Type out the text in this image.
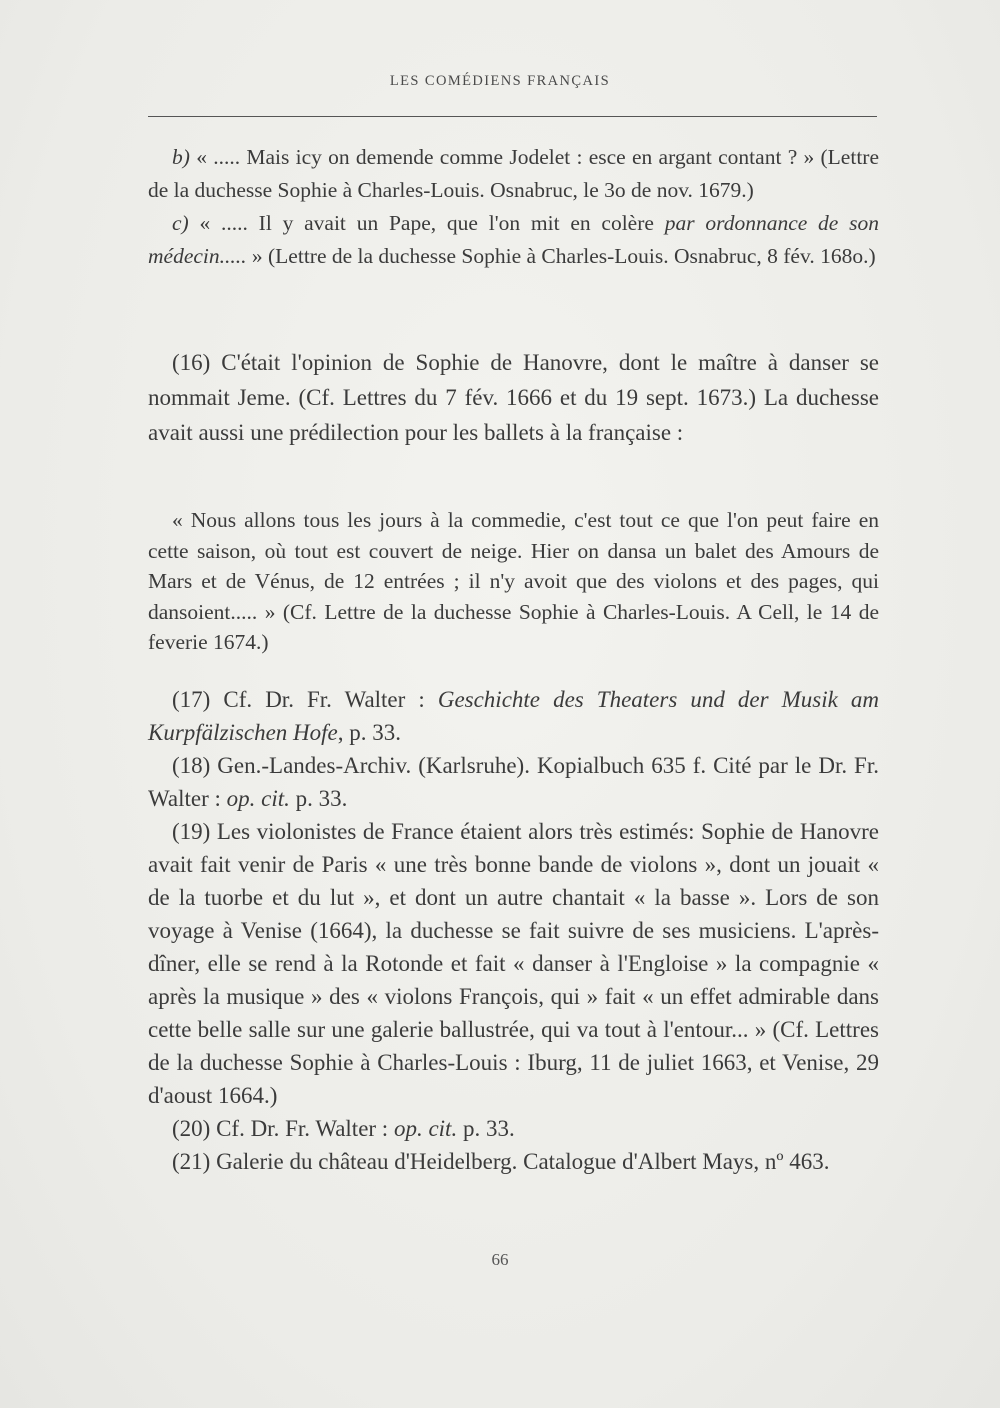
LES COMÉDIENS FRANÇAIS

b) « ..... Mais icy on demende comme Jodelet : esce en argant contant ? » (Lettre de la duchesse Sophie à Charles-Louis. Osnabruc, le 3o de nov. 1679.)

c) « ..... Il y avait un Pape, que l'on mit en colère par ordonnance de son médecin..... » (Lettre de la duchesse Sophie à Charles-Louis. Osnabruc, 8 fév. 168o.)

(16) C'était l'opinion de Sophie de Hanovre, dont le maître à danser se nommait Jeme. (Cf. Lettres du 7 fév. 1666 et du 19 sept. 1673.) La duchesse avait aussi une prédilection pour les ballets à la française :

« Nous allons tous les jours à la commedie, c'est tout ce que l'on peut faire en cette saison, où tout est couvert de neige. Hier on dansa un balet des Amours de Mars et de Vénus, de 12 entrées ; il n'y avoit que des violons et des pages, qui dansoient..... » (Cf. Lettre de la duchesse Sophie à Charles-Louis. A Cell, le 14 de feverie 1674.)

(17) Cf. Dr. Fr. Walter : Geschichte des Theaters und der Musik am Kurpfälzischen Hofe, p. 33.

(18) Gen.-Landes-Archiv. (Karlsruhe). Kopialbuch 635 f. Cité par le Dr. Fr. Walter : op. cit. p. 33.

(19) Les violonistes de France étaient alors très estimés: Sophie de Hanovre avait fait venir de Paris « une très bonne bande de violons », dont un jouait « de la tuorbe et du lut », et dont un autre chantait « la basse ». Lors de son voyage à Venise (1664), la duchesse se fait suivre de ses musiciens. L'après-dîner, elle se rend à la Rotonde et fait « danser à l'Engloise » la compagnie « après la musique » des « violons François, qui » fait « un effet admirable dans cette belle salle sur une galerie ballustrée, qui va tout à l'entour... » (Cf. Lettres de la duchesse Sophie à Charles-Louis : Iburg, 11 de juliet 1663, et Venise, 29 d'aoust 1664.)

(20) Cf. Dr. Fr. Walter : op. cit. p. 33.

(21) Galerie du château d'Heidelberg. Catalogue d'Albert Mays, nº 463.

66
